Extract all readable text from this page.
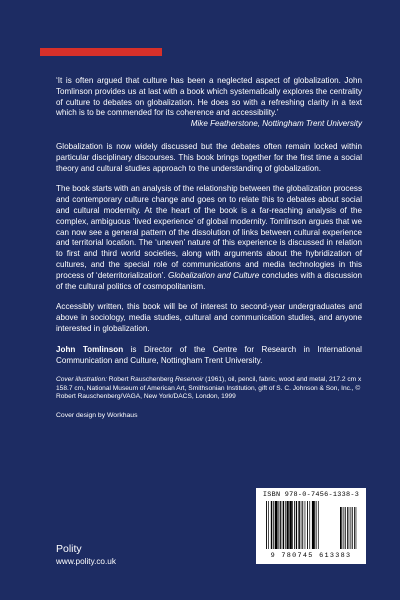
‘It is often argued that culture has been a neglected aspect of globalization. John Tomlinson provides us at last with a book which systematically explores the centrality of culture to debates on globalization. He does so with a refreshing clarity in a text which is to be commended for its coherence and accessibility.’

Mike Featherstone, Nottingham Trent University

Globalization is now widely discussed but the debates often remain locked within particular disciplinary discourses. This book brings together for the first time a social theory and cultural studies approach to the understanding of globalization.

The book starts with an analysis of the relationship between the globalization process and contemporary culture change and goes on to relate this to debates about social and cultural modernity. At the heart of the book is a far-reaching analysis of the complex, ambiguous ‘lived experience’ of global modernity. Tomlinson argues that we can now see a general pattern of the dissolution of links between cultural experience and territorial location. The ‘uneven’ nature of this experience is discussed in relation to first and third world societies, along with arguments about the hybridization of cultures, and the special role of communications and media technologies in this process of ‘deterritorialization’. Globalization and Culture concludes with a discussion of the cultural politics of cosmopolitanism.

Accessibly written, this book will be of interest to second-year undergraduates and above in sociology, media studies, cultural and communication studies, and anyone interested in globalization.

John Tomlinson is Director of the Centre for Research in International Communication and Culture, Nottingham Trent University.

Cover illustration: Robert Rauschenberg Reservoir (1961), oil, pencil, fabric, wood and metal, 217.2 cm x 158.7 cm, National Museum of American Art, Smithsonian Institution, gift of S. C. Johnson & Son, Inc., © Robert Rauschenberg/VAGA, New York/DACS, London, 1999

Cover design by Workhaus

ISBN 978-0-7456-1338-3
9 780745 613383
Polity
www.polity.co.uk
